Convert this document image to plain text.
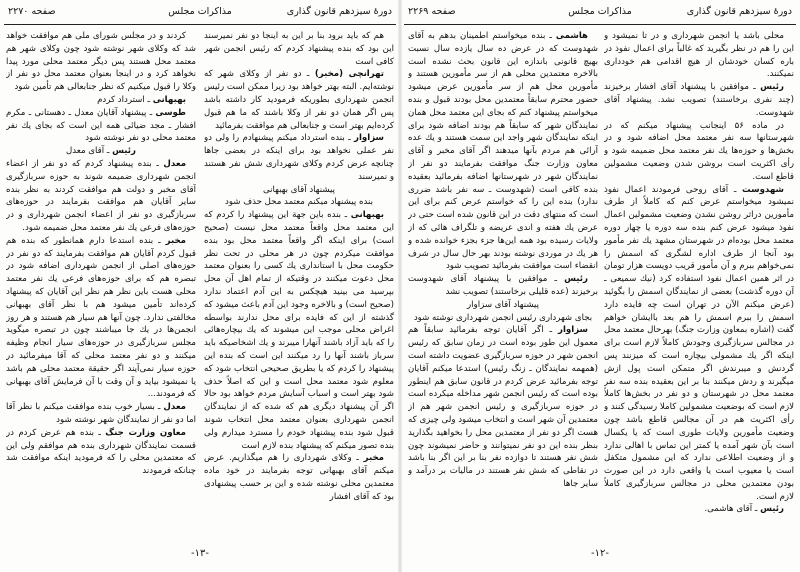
دورهٔ سیزدهم قانون گذاری
مذاکرات مجلس
صفحه ۲۲۷۰

هم که باید برود بنا بر این به اینجا دو نفر نمیرسند این بود که بنده پیشنهاد کردم که رئیس انجمن شهر کافی است

تهرانچی (مخبر) ـ دو نفر از وکلای شهر که نوشته‌ایم. البته بهتر خواهد بود زیرا ممکن است رئیس انجمن شهرداری بطوریکه فرمودید کار داشته باشد پس اگر همان دو نفر از وکلا باشند که ما هم قبول کرده‌ایم بهتر است و جنابعالی هم موافقت بفرمائید

سزاوار ـ بنده استرداد میکنم پیشنهادم را ولی دو نفر عملی نخواهد بود برای اینکه در بعضی جاها چنانچه عرض کردم وکلای شهرداری شش نفر هستند و نمیرسند

پیشنهاد آقای بهبهانی

بنده پیشنهاد میکنم معتمد محل حذف شود

بهبهانی ـ بنده باین جهة این پیشنهاد را کردم که این معتمد محل واقعاً معتمد محل نیست (صحیح است) برای اینکه اگر واقعاً معتمد محل بود بنده موافقت میکردم چون در هر محلی در تحت نظر حکومت محل با استانداری یك کسی را بعنوان معتمد محل دعوت میکنند در وقتیکه از تمام اهل آن محل بپرسید می بینید هیچکس به این آدم اعتماد ندارد (صحیح است) و بالاخره وجود این آدم باعث میشود که گذشته از این که فایده برای محل ندارند بواسطه اغراض محلی موجب این میشوند که یك بیچاره‌هائی را که باید آزاد باشند آنهارا میبرند و یك اشخاصیکه باید سرباز باشند آنها را رد میکنند این است که بنده این پیشنهاد را کردم که یا بطریق صحیحی انتخاب شود که معلوم شود معتمد محل است و این که اصلاً حذف شود بهتر است و اسباب آسایش مردم خواهد بود حالا اگر آن پیشنهاد دیگری هم که شده که از نمایندگان انجمن شهرداری بعنوان معتمد محل انتخاب شوند قبول شود بنده پیشنهاد خودم را مسترد میدارم ولی بنده تصور میکنم که پیشنهاد بنده لازم است

مخبر ـ وکلای شهرداری را هم میگذاریم. عرض میکنم آقای بهبهانی توجه بفرمایند در خود ماده معتمدین محلی نوشته شده و این بر حسب پیشنهادی بود که آقای افشار

کردند و در مجلس شورای ملی هم موافقت خواهد شد که وکلای شهر نوشته شود چون وکلای شهر هم معتمد محل هستند پس دیگر معتمد محلی مورد پیدا نخواهد کرد و در اینجا بعنوان معتمد محل دو نفر از وکلا را قبول میکنیم که نظر جنابعالی هم تأمین شود

بهبهانی ـ استرداد کردم

طوسی ـ پیشنهاد آقایان معدل ـ دهستانی ـ مکرم افشار ـ مجد ضیائی همه این است که بجای یك نفر معتمد محلی دو نفر نوشته شود

رئیس ـ آقای معدل

معدل ـ بنده پیشنهاد کردم که دو نفر از اعضاء انجمن شهرداری ضمیمه شوند به حوزه سربازگیری آقای مخبر و دولت هم موافقت کردند به نظر بنده سایر آقایان هم موافقت بفرمایند در حوزه‌های سربازگیری دو نفر از اعضاء انجمن شهرداری و در حوزه‌های فرعی یك نفر معتمد محل ضمیمه شود.

مخبر ـ بنده استدعا دارم همانطور که بنده هم قبول کردم آقایان هم موافقت بفرمایند که دو نفر در حوزه‌های اصلی از انجمن شهرداری اضافه شود در تبصره هم که برای حوزه‌های فرعی یك نفر معتمد محلی هست باین نظر هم نظر این آقایان که پیشنهاد کرده‌اند تأمین میشود هم با نظر آقای بهبهانی مخالفتی ندارد. چون آنها هم سیار هم هستند و هر روز انجمن‌ها در یك جا میباشند چون در تبصره میگوید مجلس سربازگیری در حوزه‌های سیار انجام وظیفه میکنند و دو نفر معتمد محلی که آقا میفرمائید در حوزه سیار نمی‌آیند اگر حقیقة معتمد محلی هم باشد یا نمیشود بیاید و آن وقت با آن فرمایش آقای بهبهانی که فرمودند...

معدل ـ بسیار خوب بنده موافقت میکنم با نظر آقا اما دو نفر از نمایندگان شهر نوشته شود

معاون وزارت جنگ ـ بنده هم عرض کردم در قسمت نمایندگان شهرداری بنده هم موافقم ولی این که معتمدین محلی را که فرمودید اینکه موافقت شد چنانکه فرمودند

-۱۳-
دورهٔ سیزدهم قانون گذاری
مذاکرات مجلس
صفحه ۲۲۶۹

محلی باشد یا انجمن شهرداری و در تا نمیشود و این را هم در نظر بگیرید که غالباً برای اعمال نفوذ در باره کسان خودشان از هیچ اقدامی هم خودداری نمیکنند.

رئیس ـ موافقین با پیشنهاد آقای افشار برخیزند (چند نفری برخاستند) تصویب نشد. پیشنهاد آقای شهدوست.

در ماده ۵۶ اینجانب پیشنهاد میکنم که در شهرستانها سه نفر معتمد محل اضافه شود و در بخش‌ها و حوزه‌ها یك نفر معتمد محل ضمیمه شود و رأی اکثریت است بروشن شدن وضعیت مشمولین قاطع است.

شهدوست ـ آقای روحی فرمودند اعمال نفوذ نمیشود میخواستم عرض کنم که کاملاً از طرف مأمورین دراثر روشن نشدن وضعیت مشمولین اعمال نفوذ میشود عرض کنم بنده سه دوره یا چهار دوره معتمد محل بوده‌ام در شهرستان مشهد یك نفر مأمور بود آنجا از طرف اداره لشگری که اسمش را نمی‌خواهم ببرم و آن مأمور قریب دویست هزار تومان در اثر همین اعمال نفوذ استفاده کرد (نیك سمیعی ـ آن دوره گذشت) بعضی از نمایندگان اسمش را بگوئید (عرض میکنم الآن در تهران است چه فایده دارد اسمش را ببرم اسمش را هم بعد باایشان خواهم گفت (اشاره بمعاون وزارت جنگ) بهرحال معتمد محل در مجالس سربازگیری وجودش کاملاً لازم است برای اینکه اگر یك مشمولی بیچاره است که میزنند پس گردنش و میبرندش اگر متمکن است پول ازش میگیرند و ردش میکنند بنا بر این بعقیده بنده سه نفر معتمد محل در شهرستان و دو نفر در بخش‌ها کاملاً لازم است که بوضعیت مشمولین کاملا رسیدگی کنند و رأی اکثریت هم در آن مجالس قاطع باشد چون وضعیت مأمورین ولایات طوری است که یا یکسال است بآن شهر آمده یا کمتر این تماس با اهالی ندارد و از وضعیت اطلاعی ندارد که این مشمول متکفل است یا معیوب است یا واقعی دارد در این صورت بودن معتمدین محلی در مجالس سربازگیری کاملاً لازم است.

رئیس ـ آقای هاشمی.

هاشمی ـ بنده میخواستم اطمینان بدهم به آقای شهدوست که در عرض ده سال یازده سال نسبت بهیچ قانونی باندازه این قانون بحث نشده است بالاخره معتمدین محلی هم از سر مأمورین هستند و مأمورین محل هم از سر مأمورین عرض میشود حضور محترم سابقاً معتمدین محل بودند قبول و بنده میخواستم پیشنهاد کنم که بجای این معتمد محل همان نمایندگان شهر که سابقاً هم بودند اضافه شود برای اینکه نمایندگان شهر واجد این سمت هستند و یك عده آرائی هم مردم بآنها میدهند اگر آقای مخبر و آقای معاون وزارت جنگ موافقت بفرمایند دو نفر از نمایندگان شهر در شهرستانها اضافه بفرمائید بعقیده بنده کافی است (شهدوست ـ سه نفر باشد ضرری ندارد) بنده این را که خواستم عرض کنم برای این است که منتهای دقت در این قانون شده است حتی در عرض یك هفته و اندی عریضه و تلگراف هائی که از ولایات رسیده بود همه این‌ها جزء بجزء خوانده شده و هر یك در موردی نوشته بودند بهر حال سال در شرف انقضاء است موافقت بفرمائید تصویب شود

رئیس ـ موافقین با پیشنهاد آقای شهدوست برخیزند (عده قلیلی برخاستند) تصویب نشد

پیشنهاد آقای سزاوار

بجای شهرداری رئیس انجمن شهرداری نوشته شود

سزاوار ـ اگر آقایان توجه بفرمائید سابقاً هم معمول این طور بوده است در زمان سابق که رئیس انجمن شهر در حوزه سربازگیری عضویت داشته است (همهمه نمایندگان ـ زنگ رئیس) استدعا میکنم آقایان توجه بفرمائید عرض کردم در قانون سابق هم اینطور بوده است که رئیس انجمن شهر مداخله میکرده است در حوزه سربازگیری و رئیس انجمن شهر هم از معتمدین آن شهر است و انتخاب میشود ولی چیزی که هست اگر دو نفر از معتمدین محل را بخواهید بگذارید بنظر بنده این دو نفر نمیتوانند و حاضر نمیشوند چون شش نفر هستند تا دوازده نفر بنا بر این اگر بنا باشد در نقاطی که شش نفر هستند در مالیات بر درآمد و سایر جاها

-۱۲-
